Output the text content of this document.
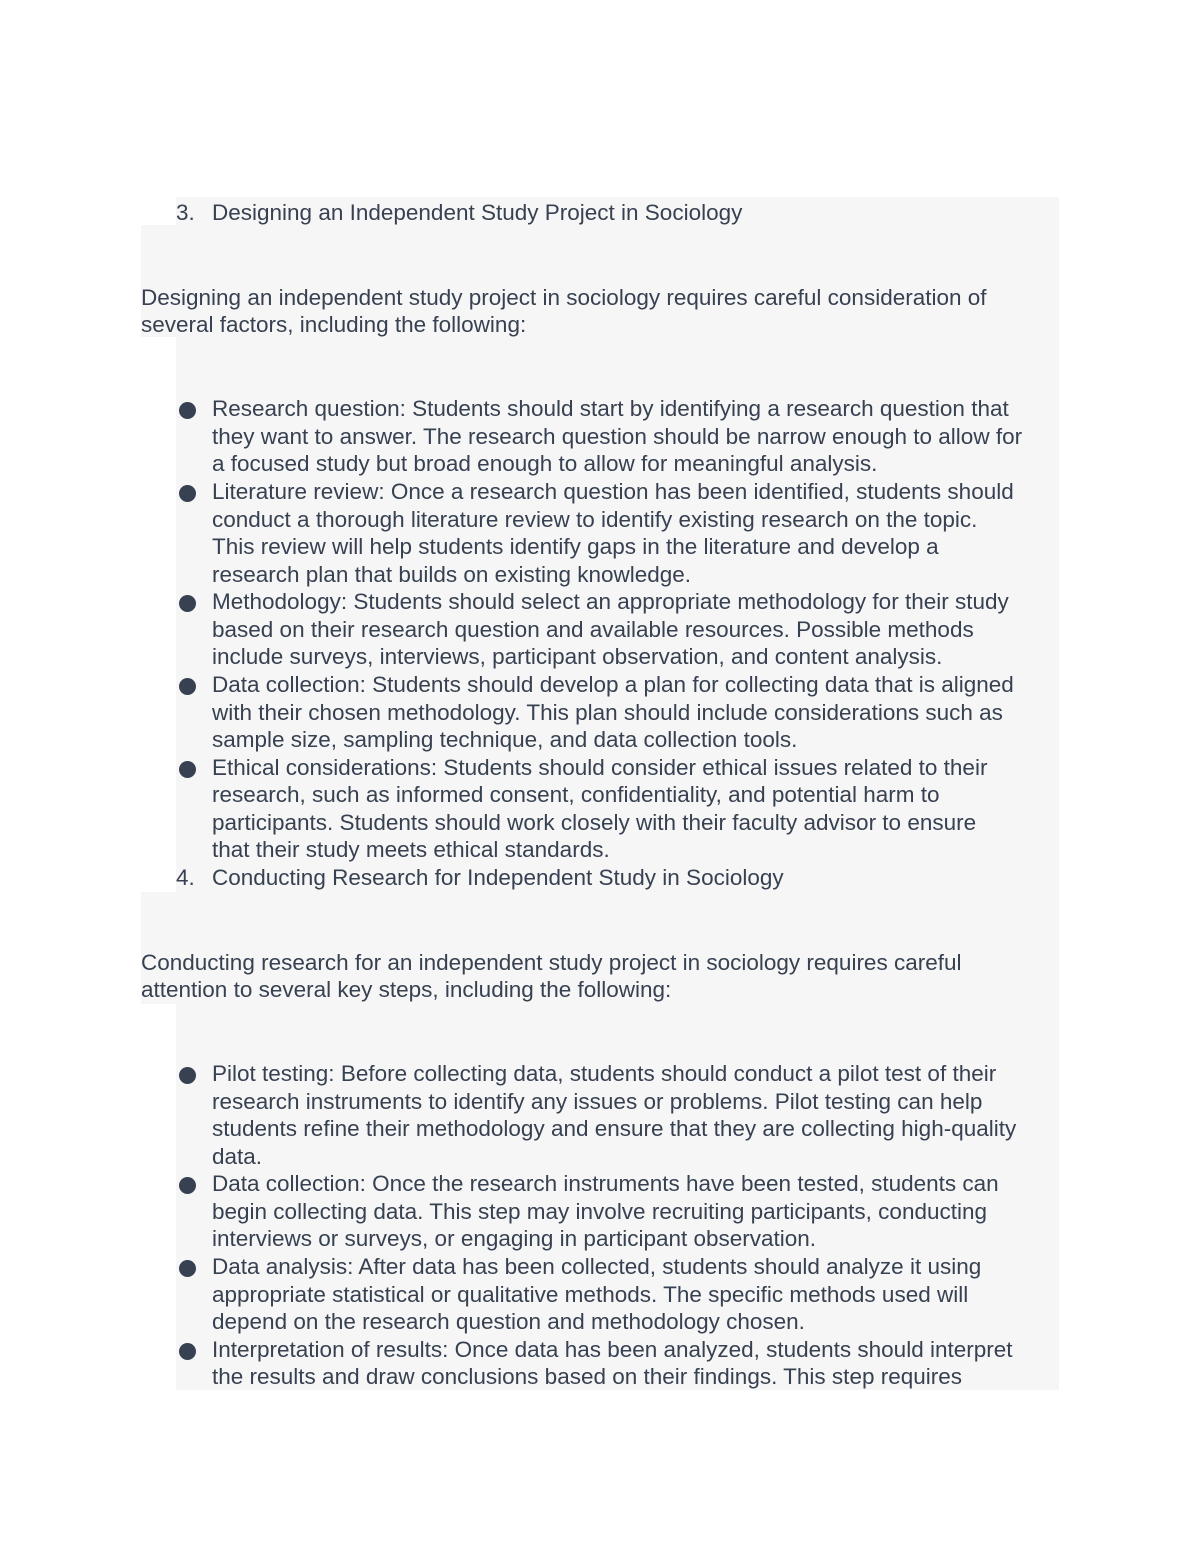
3. Designing an Independent Study Project in Sociology
Designing an independent study project in sociology requires careful consideration of
several factors, including the following:
Research question: Students should start by identifying a research question that
they want to answer. The research question should be narrow enough to allow for
a focused study but broad enough to allow for meaningful analysis.
Literature review: Once a research question has been identified, students should
conduct a thorough literature review to identify existing research on the topic.
This review will help students identify gaps in the literature and develop a
research plan that builds on existing knowledge.
Methodology: Students should select an appropriate methodology for their study
based on their research question and available resources. Possible methods
include surveys, interviews, participant observation, and content analysis.
Data collection: Students should develop a plan for collecting data that is aligned
with their chosen methodology. This plan should include considerations such as
sample size, sampling technique, and data collection tools.
Ethical considerations: Students should consider ethical issues related to their
research, such as informed consent, confidentiality, and potential harm to
participants. Students should work closely with their faculty advisor to ensure
that their study meets ethical standards.
4. Conducting Research for Independent Study in Sociology
Conducting research for an independent study project in sociology requires careful
attention to several key steps, including the following:
Pilot testing: Before collecting data, students should conduct a pilot test of their
research instruments to identify any issues or problems. Pilot testing can help
students refine their methodology and ensure that they are collecting high-quality
data.
Data collection: Once the research instruments have been tested, students can
begin collecting data. This step may involve recruiting participants, conducting
interviews or surveys, or engaging in participant observation.
Data analysis: After data has been collected, students should analyze it using
appropriate statistical or qualitative methods. The specific methods used will
depend on the research question and methodology chosen.
Interpretation of results: Once data has been analyzed, students should interpret
the results and draw conclusions based on their findings. This step requires
